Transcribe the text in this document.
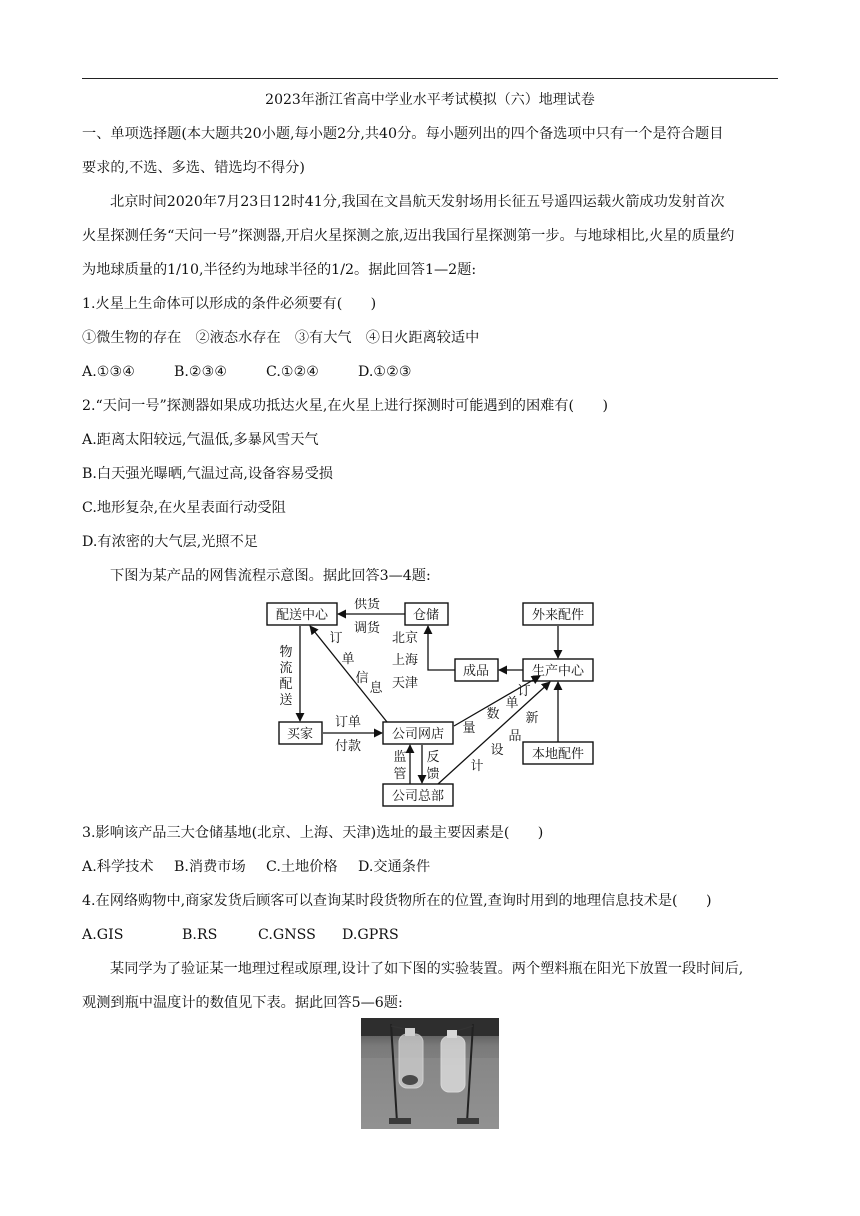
2023年浙江省高中学业水平考试模拟（六）地理试卷
一、单项选择题(本大题共20小题,每小题2分,共40分。每小题列出的四个备选项中只有一个是符合题目
要求的,不选、多选、错选均不得分)
北京时间2020年7月23日12时41分,我国在文昌航天发射场用长征五号遥四运载火箭成功发射首次
火星探测任务“天问一号”探测器,开启火星探测之旅,迈出我国行星探测第一步。与地球相比,火星的质量约
为地球质量的1/10,半径约为地球半径的1/2。据此回答1—2题:
1.火星上生命体可以形成的条件必须要有(　　)
①微生物的存在　②液态水存在　③有大气　④日火距离较适中
A.①③④	B.②③④	C.①②④	D.①②③
2.“天问一号”探测器如果成功抵达火星,在火星上进行探测时可能遇到的困难有(　　)
A.距离太阳较远,气温低,多暴风雪天气
B.白天强光曝晒,气温过高,设备容易受损
C.地形复杂,在火星表面行动受阻
D.有浓密的大气层,光照不足
下图为某产品的网售流程示意图。据此回答3—4题:
配送中心	仓储	外来配件
成品	生产中心
买家	公司网店
本地配件
公司总部
供货
调货
北京
上海
天津
物
流
配
送
订
单
信
息
订单
付款
监
管
反
馈
订
单
数
量
新
品
设
计
3.影响该产品三大仓储基地(北京、上海、天津)选址的最主要因素是(　　)
A.科学技术 B.消费市场 C.土地价格 D.交通条件
4.在网络购物中,商家发货后顾客可以查询某时段货物所在的位置,查询时用到的地理信息技术是(　　)
A.GIS	B.RS	C.GNSS D.GPRS
某同学为了验证某一地理过程或原理,设计了如下图的实验装置。两个塑料瓶在阳光下放置一段时间后,
观测到瓶中温度计的数值见下表。据此回答5—6题:
